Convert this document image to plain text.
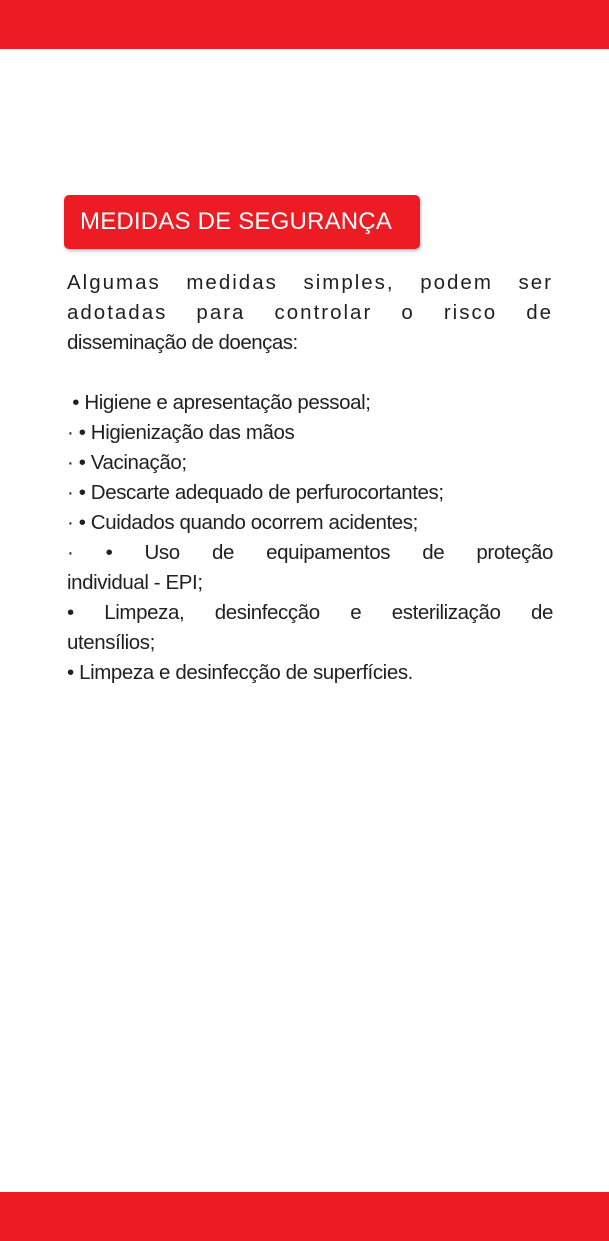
MEDIDAS DE SEGURANÇA

Algumas medidas simples, podem ser
adotadas para controlar o risco de
disseminação de doenças:

• Higiene e apresentação pessoal;
· • Higienização das mãos
· • Vacinação;
· • Descarte adequado de perfurocortantes;
· • Cuidados quando ocorrem acidentes;
· • Uso de equipamentos de proteção
individual - EPI;
• Limpeza, desinfecção e esterilização de
utensílios;
• Limpeza e desinfecção de superfícies.
